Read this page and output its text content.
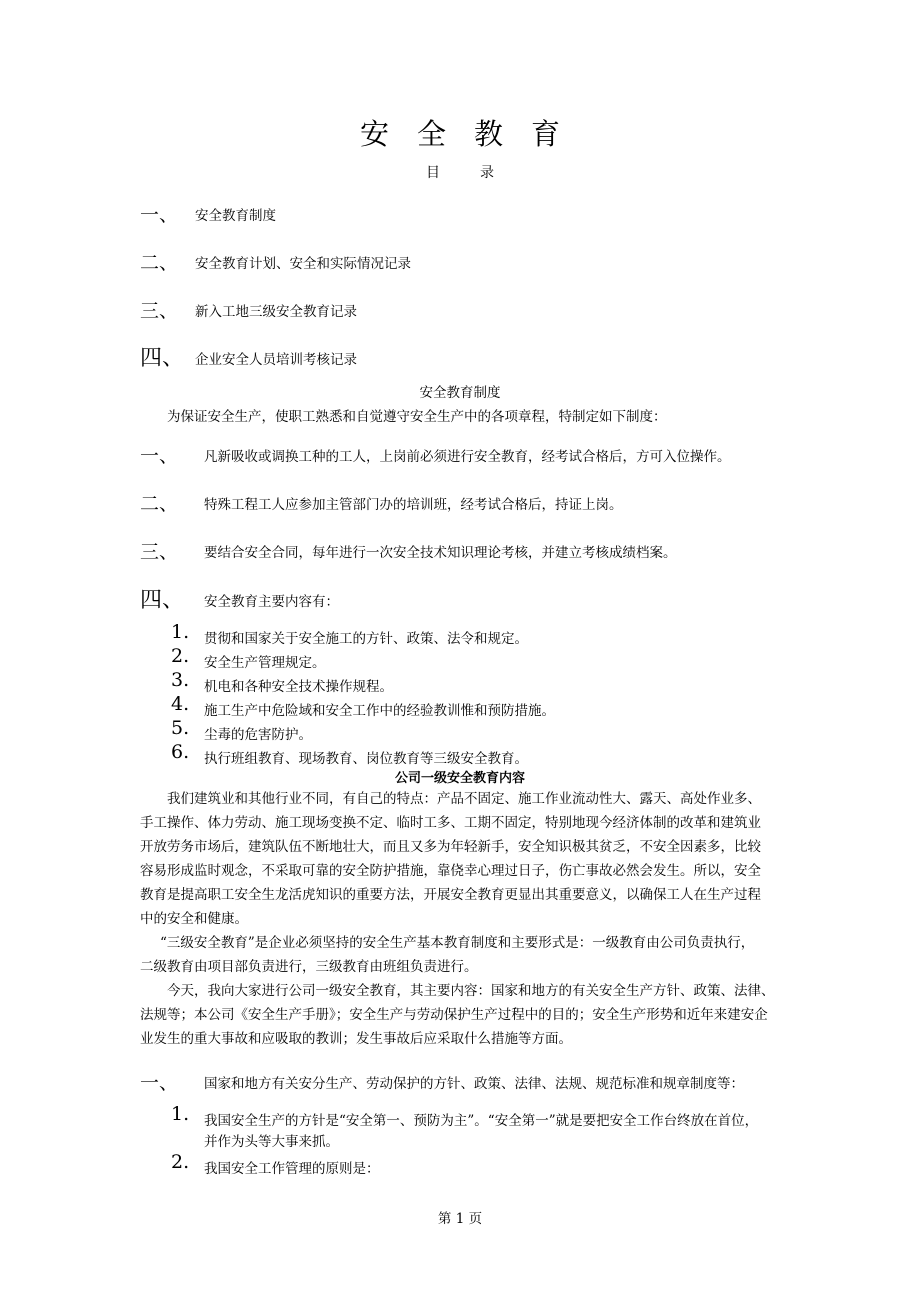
安全教育
目录
一、 安全教育制度
二、 安全教育计划、安全和实际情况记录
三、 新入工地三级安全教育记录
四、 企业安全人员培训考核记录
安全教育制度
为保证安全生产，使职工熟悉和自觉遵守安全生产中的各项章程，特制定如下制度：
一、 凡新吸收或调换工种的工人，上岗前必须进行安全教育，经考试合格后，方可入位操作。
二、 特殊工程工人应参加主管部门办的培训班，经考试合格后，持证上岗。
三、 要结合安全合同，每年进行一次安全技术知识理论考核，并建立考核成绩档案。
四、 安全教育主要内容有：
1. 贯彻和国家关于安全施工的方针、政策、法令和规定。
2. 安全生产管理规定。
3. 机电和各种安全技术操作规程。
4. 施工生产中危险域和安全工作中的经验教训惟和预防措施。
5. 尘毒的危害防护。
6. 执行班组教育、现场教育、岗位教育等三级安全教育。
公司一级安全教育内容
我们建筑业和其他行业不同，有自己的特点：产品不固定、施工作业流动性大、露天、高处作业多、
手工操作、体力劳动、施工现场变换不定、临时工多、工期不固定，特别地现今经济体制的改革和建筑业
开放劳务市场后，建筑队伍不断地壮大，而且又多为年轻新手，安全知识极其贫乏，不安全因素多，比较
容易形成监时观念，不采取可靠的安全防护措施，靠侥幸心理过日子，伤亡事故必然会发生。所以，安全
教育是提高职工安全生龙活虎知识的重要方法，开展安全教育更显出其重要意义，以确保工人在生产过程
中的安全和健康。
“三级安全教育”是企业必须坚持的安全生产基本教育制度和主要形式是：一级教育由公司负责执行，
二级教育由项目部负责进行，三级教育由班组负责进行。
今天，我向大家进行公司一级安全教育，其主要内容：国家和地方的有关安全生产方针、政策、法律、
法规等；本公司《安全生产手册》；安全生产与劳动保护生产过程中的目的；安全生产形势和近年来建安企
业发生的重大事故和应吸取的教训；发生事故后应采取什么措施等方面。
一、 国家和地方有关安分生产、劳动保护的方针、政策、法律、法规、规范标准和规章制度等：
1. 我国安全生产的方针是“安全第一、预防为主”。“安全第一”就是要把安全工作台终放在首位，
并作为头等大事来抓。
2. 我国安全工作管理的原则是：
第 1 页
